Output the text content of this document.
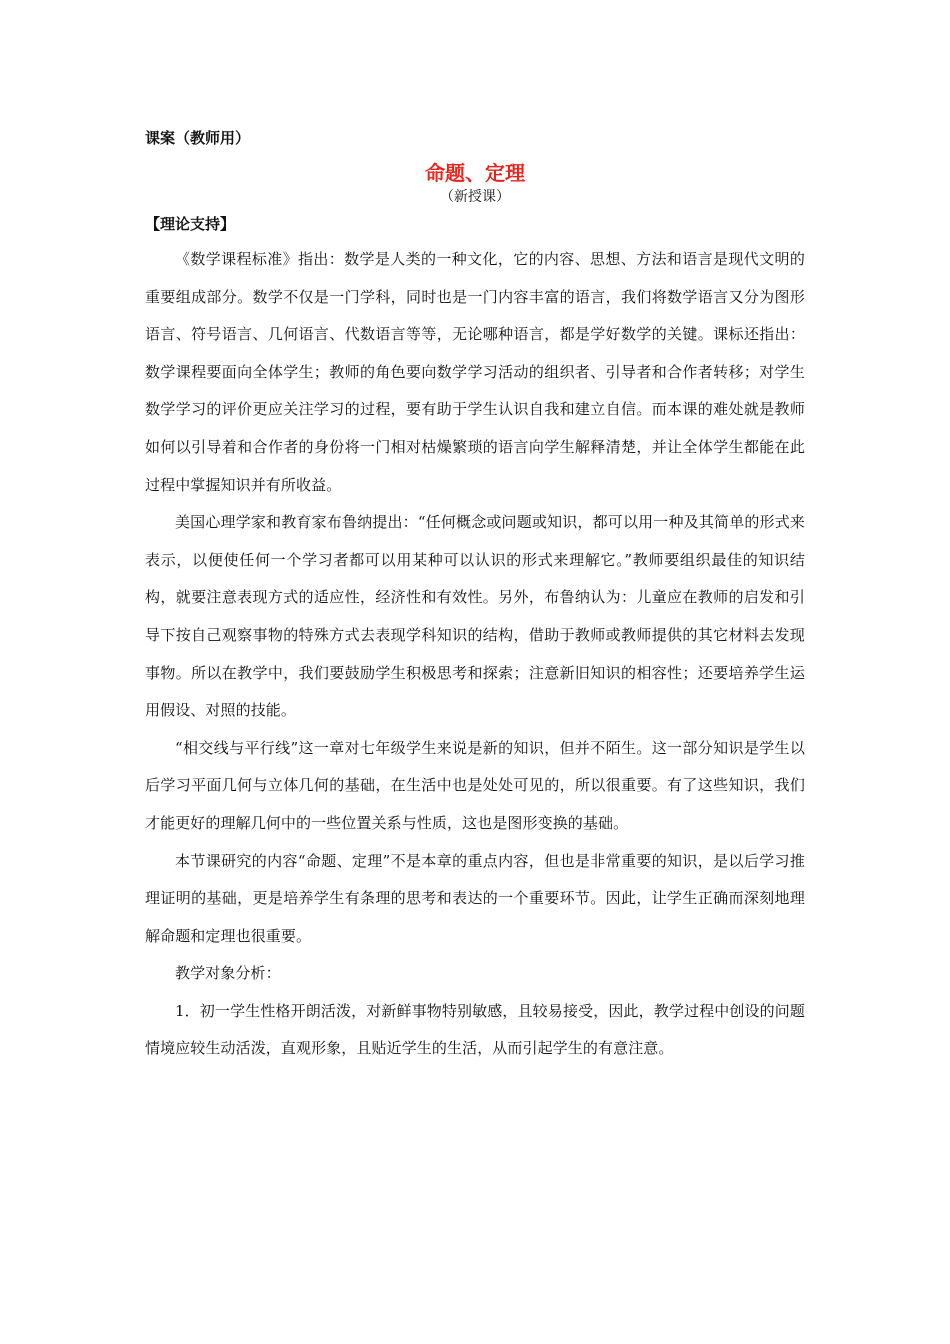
课案（教师用）
命题、定理
（新授课）
【理论支持】

《数学课程标准》指出：数学是人类的一种文化，它的内容、思想、方法和语言是现代文明的重要组成部分。数学不仅是一门学科，同时也是一门内容丰富的语言，我们将数学语言又分为图形语言、符号语言、几何语言、代数语言等等，无论哪种语言，都是学好数学的关键。课标还指出：数学课程要面向全体学生；教师的角色要向数学学习活动的组织者、引导者和合作者转移；对学生数学学习的评价更应关注学习的过程，要有助于学生认识自我和建立自信。而本课的难处就是教师如何以引导着和合作者的身份将一门相对枯燥繁琐的语言向学生解释清楚，并让全体学生都能在此过程中掌握知识并有所收益。

美国心理学家和教育家布鲁纳提出：“任何概念或问题或知识，都可以用一种及其简单的形式来表示，以便使任何一个学习者都可以用某种可以认识的形式来理解它。”教师要组织最佳的知识结构，就要注意表现方式的适应性，经济性和有效性。另外，布鲁纳认为：儿童应在教师的启发和引导下按自己观察事物的特殊方式去表现学科知识的结构，借助于教师或教师提供的其它材料去发现事物。所以在教学中，我们要鼓励学生积极思考和探索；注意新旧知识的相容性；还要培养学生运用假设、对照的技能。

“相交线与平行线”这一章对七年级学生来说是新的知识，但并不陌生。这一部分知识是学生以后学习平面几何与立体几何的基础，在生活中也是处处可见的，所以很重要。有了这些知识，我们才能更好的理解几何中的一些位置关系与性质，这也是图形变换的基础。

本节课研究的内容“命题、定理”不是本章的重点内容，但也是非常重要的知识，是以后学习推理证明的基础，更是培养学生有条理的思考和表达的一个重要环节。因此，让学生正确而深刻地理解命题和定理也很重要。

教学对象分析：

1．初一学生性格开朗活泼，对新鲜事物特别敏感，且较易接受，因此，教学过程中创设的问题情境应较生动活泼，直观形象，且贴近学生的生活，从而引起学生的有意注意。
